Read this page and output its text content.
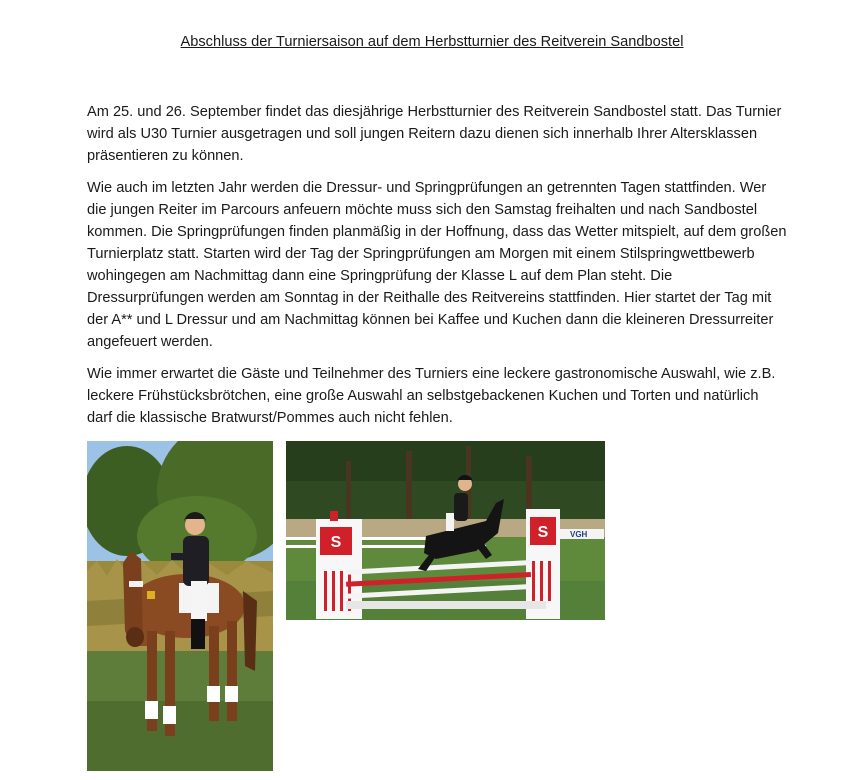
Abschluss der Turniersaison auf dem Herbstturnier des Reitverein Sandbostel

Am 25. und 26. September findet das diesjährige Herbstturnier des Reitverein Sandbostel statt. Das Turnier wird als U30 Turnier ausgetragen und soll jungen Reitern dazu dienen sich innerhalb Ihrer Altersklassen präsentieren zu können.

Wie auch im letzten Jahr werden die Dressur- und Springprüfungen an getrennten Tagen stattfinden. Wer die jungen Reiter im Parcours anfeuern möchte muss sich den Samstag freihalten und nach Sandbostel kommen. Die Springprüfungen finden planmäßig in der Hoffnung, dass das Wetter mitspielt, auf dem großen Turnierplatz statt. Starten wird der Tag der Springprüfungen am Morgen mit einem Stilspringwettbewerb wohingegen am Nachmittag dann eine Springprüfung der Klasse L auf dem Plan steht. Die Dressurprüfungen werden am Sonntag in der Reithalle des Reitvereins stattfinden. Hier startet der Tag mit der A** und L Dressur und am Nachmittag können bei Kaffee und Kuchen dann die kleineren Dressurreiter angefeuert werden.

Wie immer erwartet die Gäste und Teilnehmer des Turniers eine leckere gastronomische Auswahl, wie z.B. leckere Frühstücksbrötchen, eine große Auswahl an selbstgebackenen Kuchen und Torten und natürlich darf die klassische Bratwurst/Pommes auch nicht fehlen.

VGH
S
S
